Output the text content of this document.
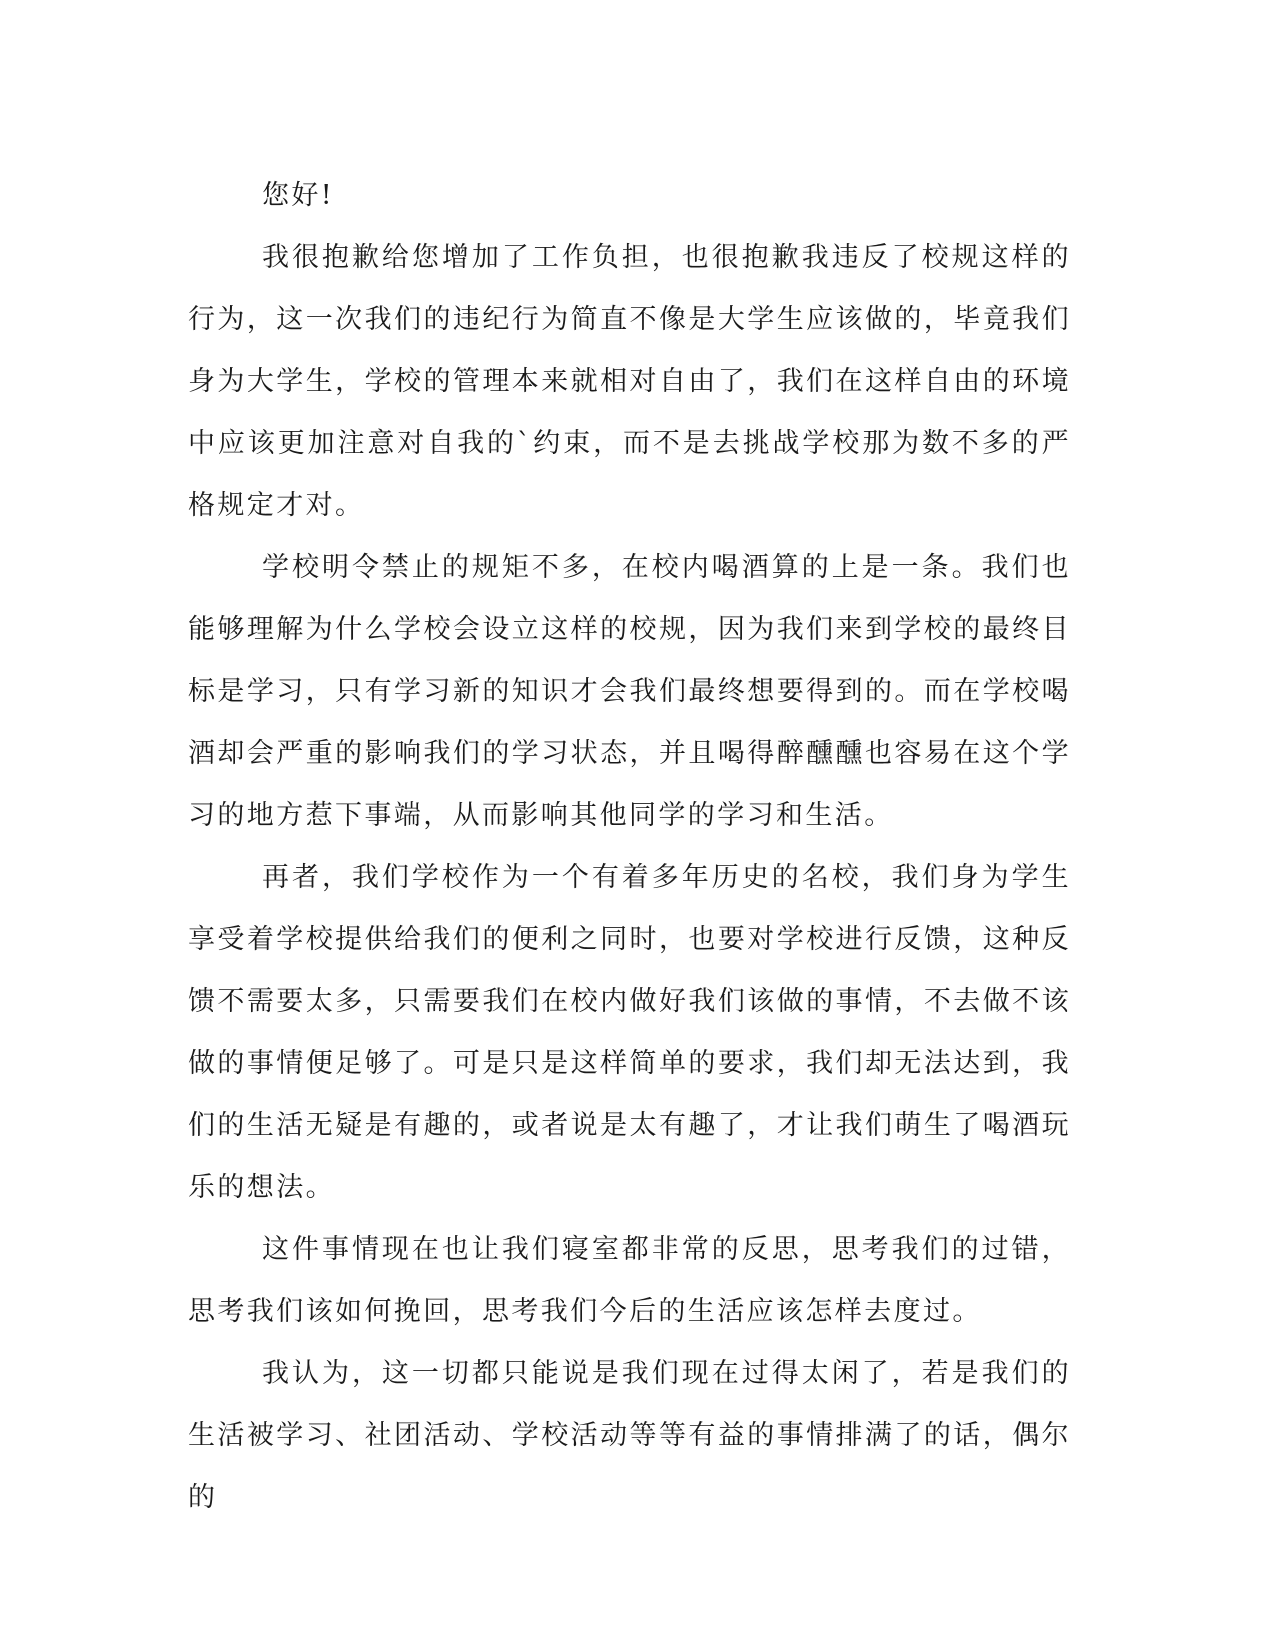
您好!

我很抱歉给您增加了工作负担，也很抱歉我违反了校规这样的行为，这一次我们的违纪行为简直不像是大学生应该做的，毕竟我们身为大学生，学校的管理本来就相对自由了，我们在这样自由的环境中应该更加注意对自我的`约束，而不是去挑战学校那为数不多的严格规定才对。

学校明令禁止的规矩不多，在校内喝酒算的上是一条。我们也能够理解为什么学校会设立这样的校规，因为我们来到学校的最终目标是学习，只有学习新的知识才会我们最终想要得到的。而在学校喝酒却会严重的影响我们的学习状态，并且喝得醉醺醺也容易在这个学习的地方惹下事端，从而影响其他同学的学习和生活。

再者，我们学校作为一个有着多年历史的名校，我们身为学生享受着学校提供给我们的便利之同时，也要对学校进行反馈，这种反馈不需要太多，只需要我们在校内做好我们该做的事情，不去做不该做的事情便足够了。可是只是这样简单的要求，我们却无法达到，我们的生活无疑是有趣的，或者说是太有趣了，才让我们萌生了喝酒玩乐的想法。

这件事情现在也让我们寝室都非常的反思，思考我们的过错，思考我们该如何挽回，思考我们今后的生活应该怎样去度过。

我认为，这一切都只能说是我们现在过得太闲了，若是我们的生活被学习、社团活动、学校活动等等有益的事情排满了的话，偶尔的
